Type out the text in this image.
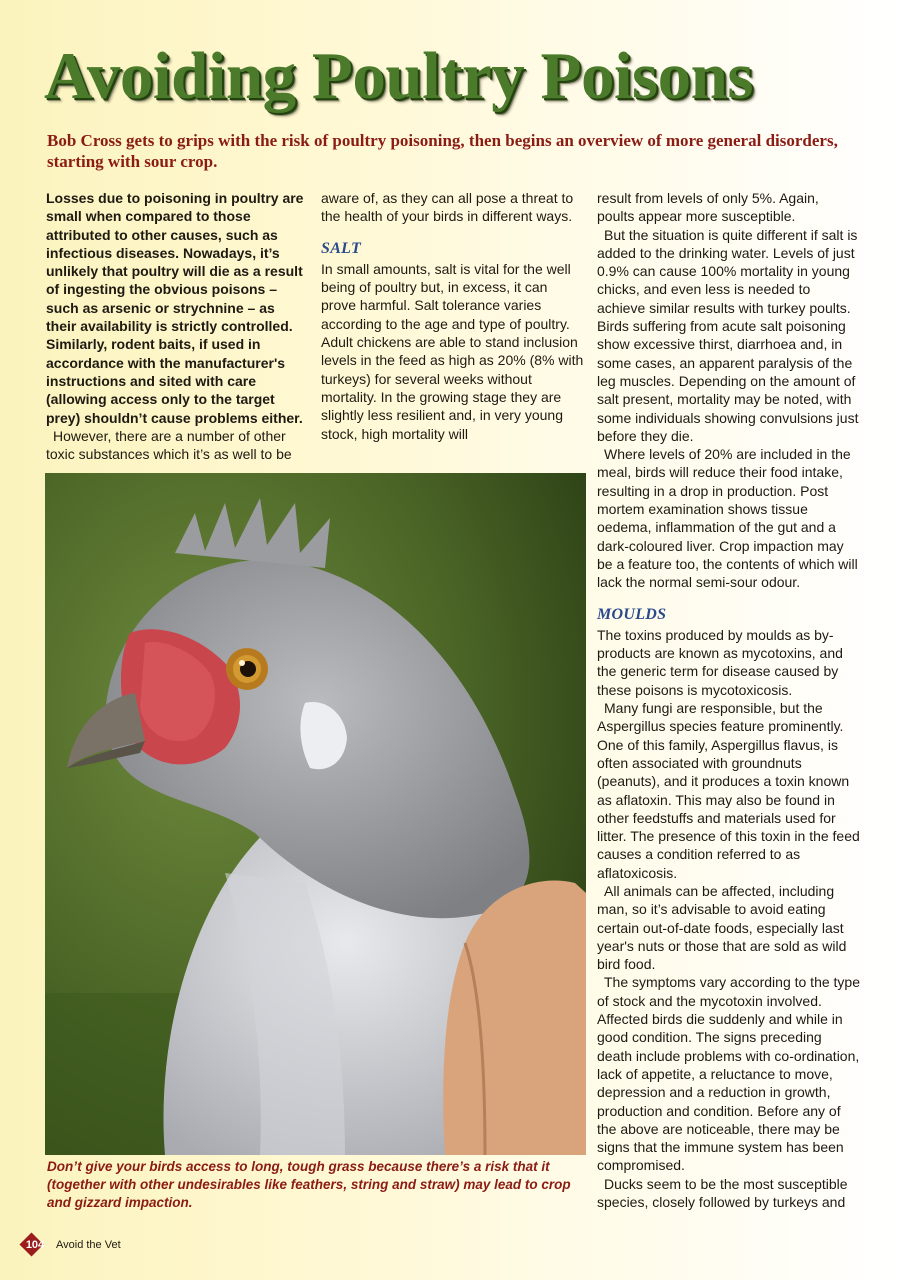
Avoiding Poultry Poisons

Bob Cross gets to grips with the risk of poultry poisoning, then begins an overview of more general disorders, starting with sour crop.

Losses due to poisoning in poultry are small when compared to those attributed to other causes, such as infectious diseases. Nowadays, it’s unlikely that poultry will die as a result of ingesting the obvious poisons – such as arsenic or strychnine – as their availability is strictly controlled. Similarly, rodent baits, if used in accordance with the manufacturer's instructions and sited with care (allowing access only to the target prey) shouldn’t cause problems either.

However, there are a number of other toxic substances which it’s as well to be

aware of, as they can all pose a threat to the health of your birds in different ways.

SALT

In small amounts, salt is vital for the well being of poultry but, in excess, it can prove harmful. Salt tolerance varies according to the age and type of poultry. Adult chickens are able to stand inclusion levels in the feed as high as 20% (8% with turkeys) for several weeks without mortality. In the growing stage they are slightly less resilient and, in very young stock, high mortality will

result from levels of only 5%. Again, poults appear more susceptible.

But the situation is quite different if salt is added to the drinking water. Levels of just 0.9% can cause 100% mortality in young chicks, and even less is needed to achieve similar results with turkey poults. Birds suffering from acute salt poisoning show excessive thirst, diarrhoea and, in some cases, an apparent paralysis of the leg muscles. Depending on the amount of salt present, mortality may be noted, with some individuals showing convulsions just before they die.

Where levels of 20% are included in the meal, birds will reduce their food intake, resulting in a drop in production. Post mortem examination shows tissue oedema, inflammation of the gut and a dark-coloured liver. Crop impaction may be a feature too, the contents of which will lack the normal semi-sour odour.

MOULDS

The toxins produced by moulds as by-products are known as mycotoxins, and the generic term for disease caused by these poisons is mycotoxicosis.

Many fungi are responsible, but the Aspergillus species feature prominently. One of this family, Aspergillus flavus, is often associated with groundnuts (peanuts), and it produces a toxin known as aflatoxin. This may also be found in other feedstuffs and materials used for litter. The presence of this toxin in the feed causes a condition referred to as aflatoxicosis.

All animals can be affected, including man, so it’s advisable to avoid eating certain out-of-date foods, especially last year's nuts or those that are sold as wild bird food.

The symptoms vary according to the type of stock and the mycotoxin involved. Affected birds die suddenly and while in good condition. The signs preceding death include problems with co-ordination, lack of appetite, a reluctance to move, depression and a reduction in growth, production and condition. Before any of the above are noticeable, there may be signs that the immune system has been compromised.

Ducks seem to be the most susceptible species, closely followed by turkeys and

Don’t give your birds access to long, tough grass because there’s a risk that it (together with other undesirables like feathers, string and straw) may lead to crop and gizzard impaction.

104	Avoid the Vet
